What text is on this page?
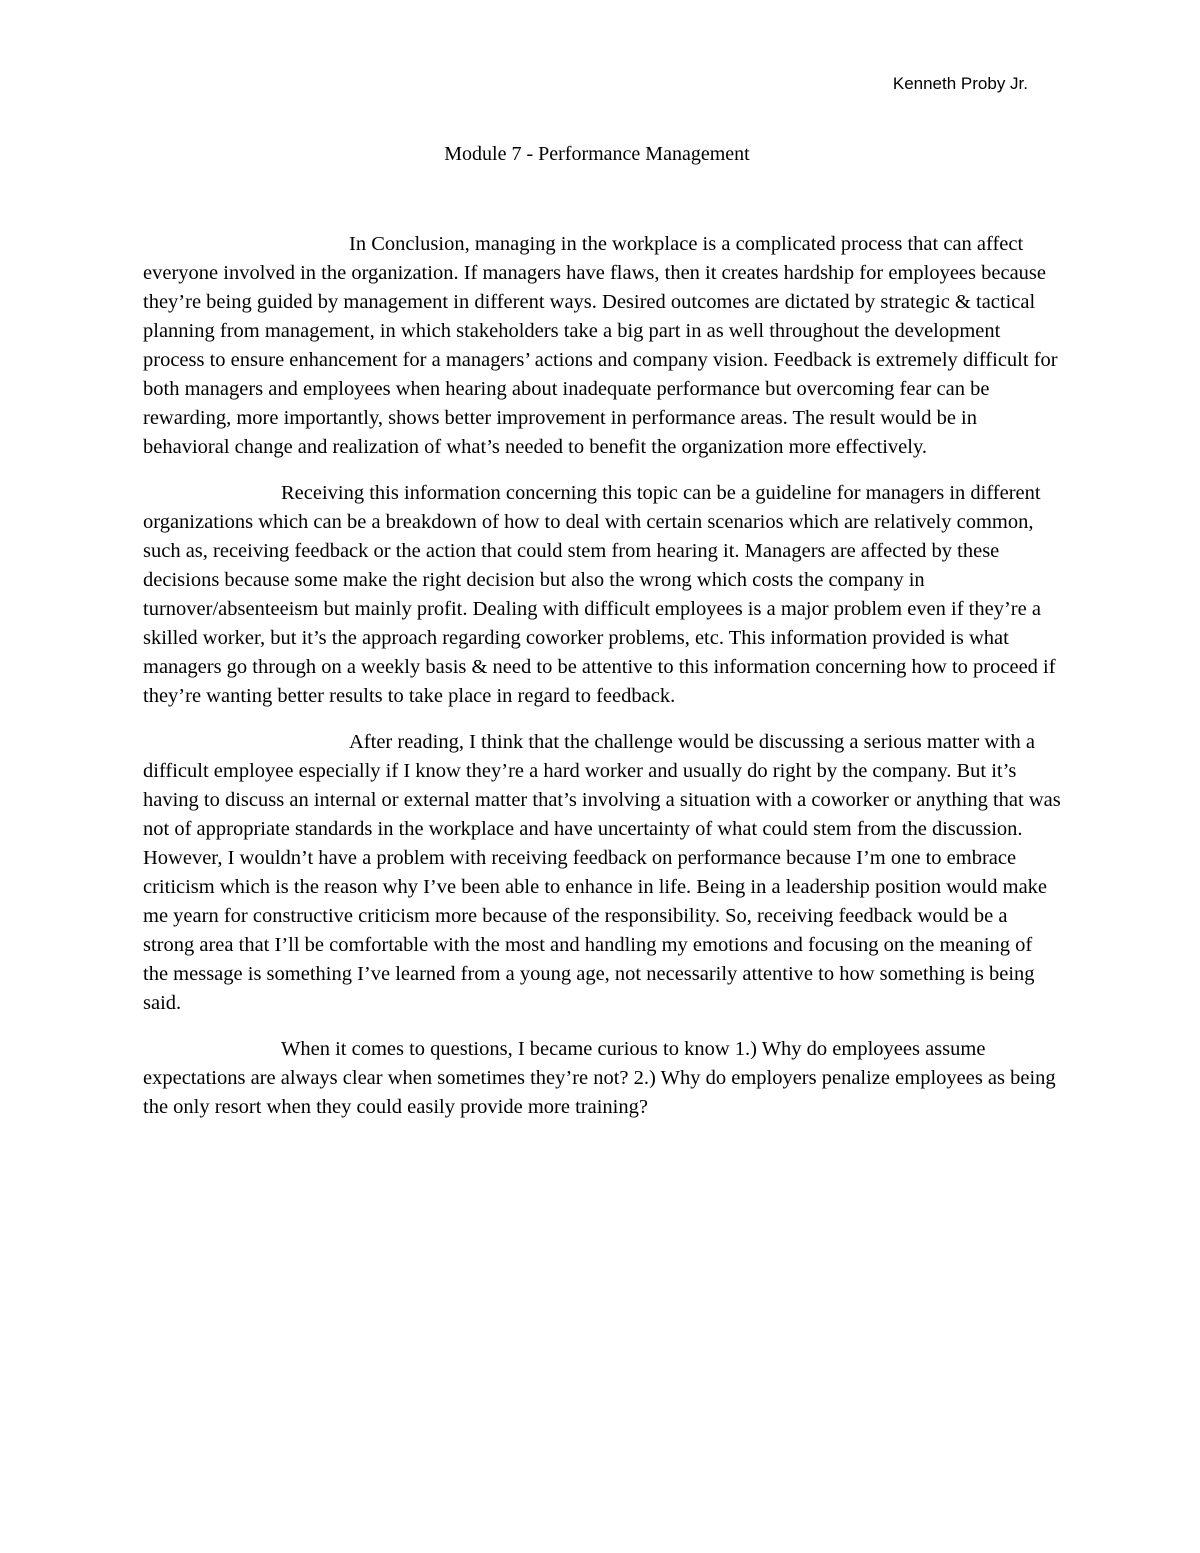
Kenneth Proby Jr.
Module 7 - Performance Management

In Conclusion, managing in the workplace is a complicated process that can affect everyone involved in the organization. If managers have flaws, then it creates hardship for employees because they’re being guided by management in different ways. Desired outcomes are dictated by strategic & tactical planning from management, in which stakeholders take a big part in as well throughout the development process to ensure enhancement for a managers’ actions and company vision. Feedback is extremely difficult for both managers and employees when hearing about inadequate performance but overcoming fear can be rewarding, more importantly, shows better improvement in performance areas. The result would be in behavioral change and realization of what’s needed to benefit the organization more effectively.

Receiving this information concerning this topic can be a guideline for managers in different organizations which can be a breakdown of how to deal with certain scenarios which are relatively common, such as, receiving feedback or the action that could stem from hearing it. Managers are affected by these decisions because some make the right decision but also the wrong which costs the company in turnover/absenteeism but mainly profit. Dealing with difficult employees is a major problem even if they’re a skilled worker, but it’s the approach regarding coworker problems, etc. This information provided is what managers go through on a weekly basis & need to be attentive to this information concerning how to proceed if they’re wanting better results to take place in regard to feedback.

After reading, I think that the challenge would be discussing a serious matter with a difficult employee especially if I know they’re a hard worker and usually do right by the company. But it’s having to discuss an internal or external matter that’s involving a situation with a coworker or anything that was not of appropriate standards in the workplace and have uncertainty of what could stem from the discussion. However, I wouldn’t have a problem with receiving feedback on performance because I’m one to embrace criticism which is the reason why I’ve been able to enhance in life. Being in a leadership position would make me yearn for constructive criticism more because of the responsibility. So, receiving feedback would be a strong area that I’ll be comfortable with the most and handling my emotions and focusing on the meaning of the message is something I’ve learned from a young age, not necessarily attentive to how something is being said.

When it comes to questions, I became curious to know 1.) Why do employees assume expectations are always clear when sometimes they’re not? 2.) Why do employers penalize employees as being the only resort when they could easily provide more training?
